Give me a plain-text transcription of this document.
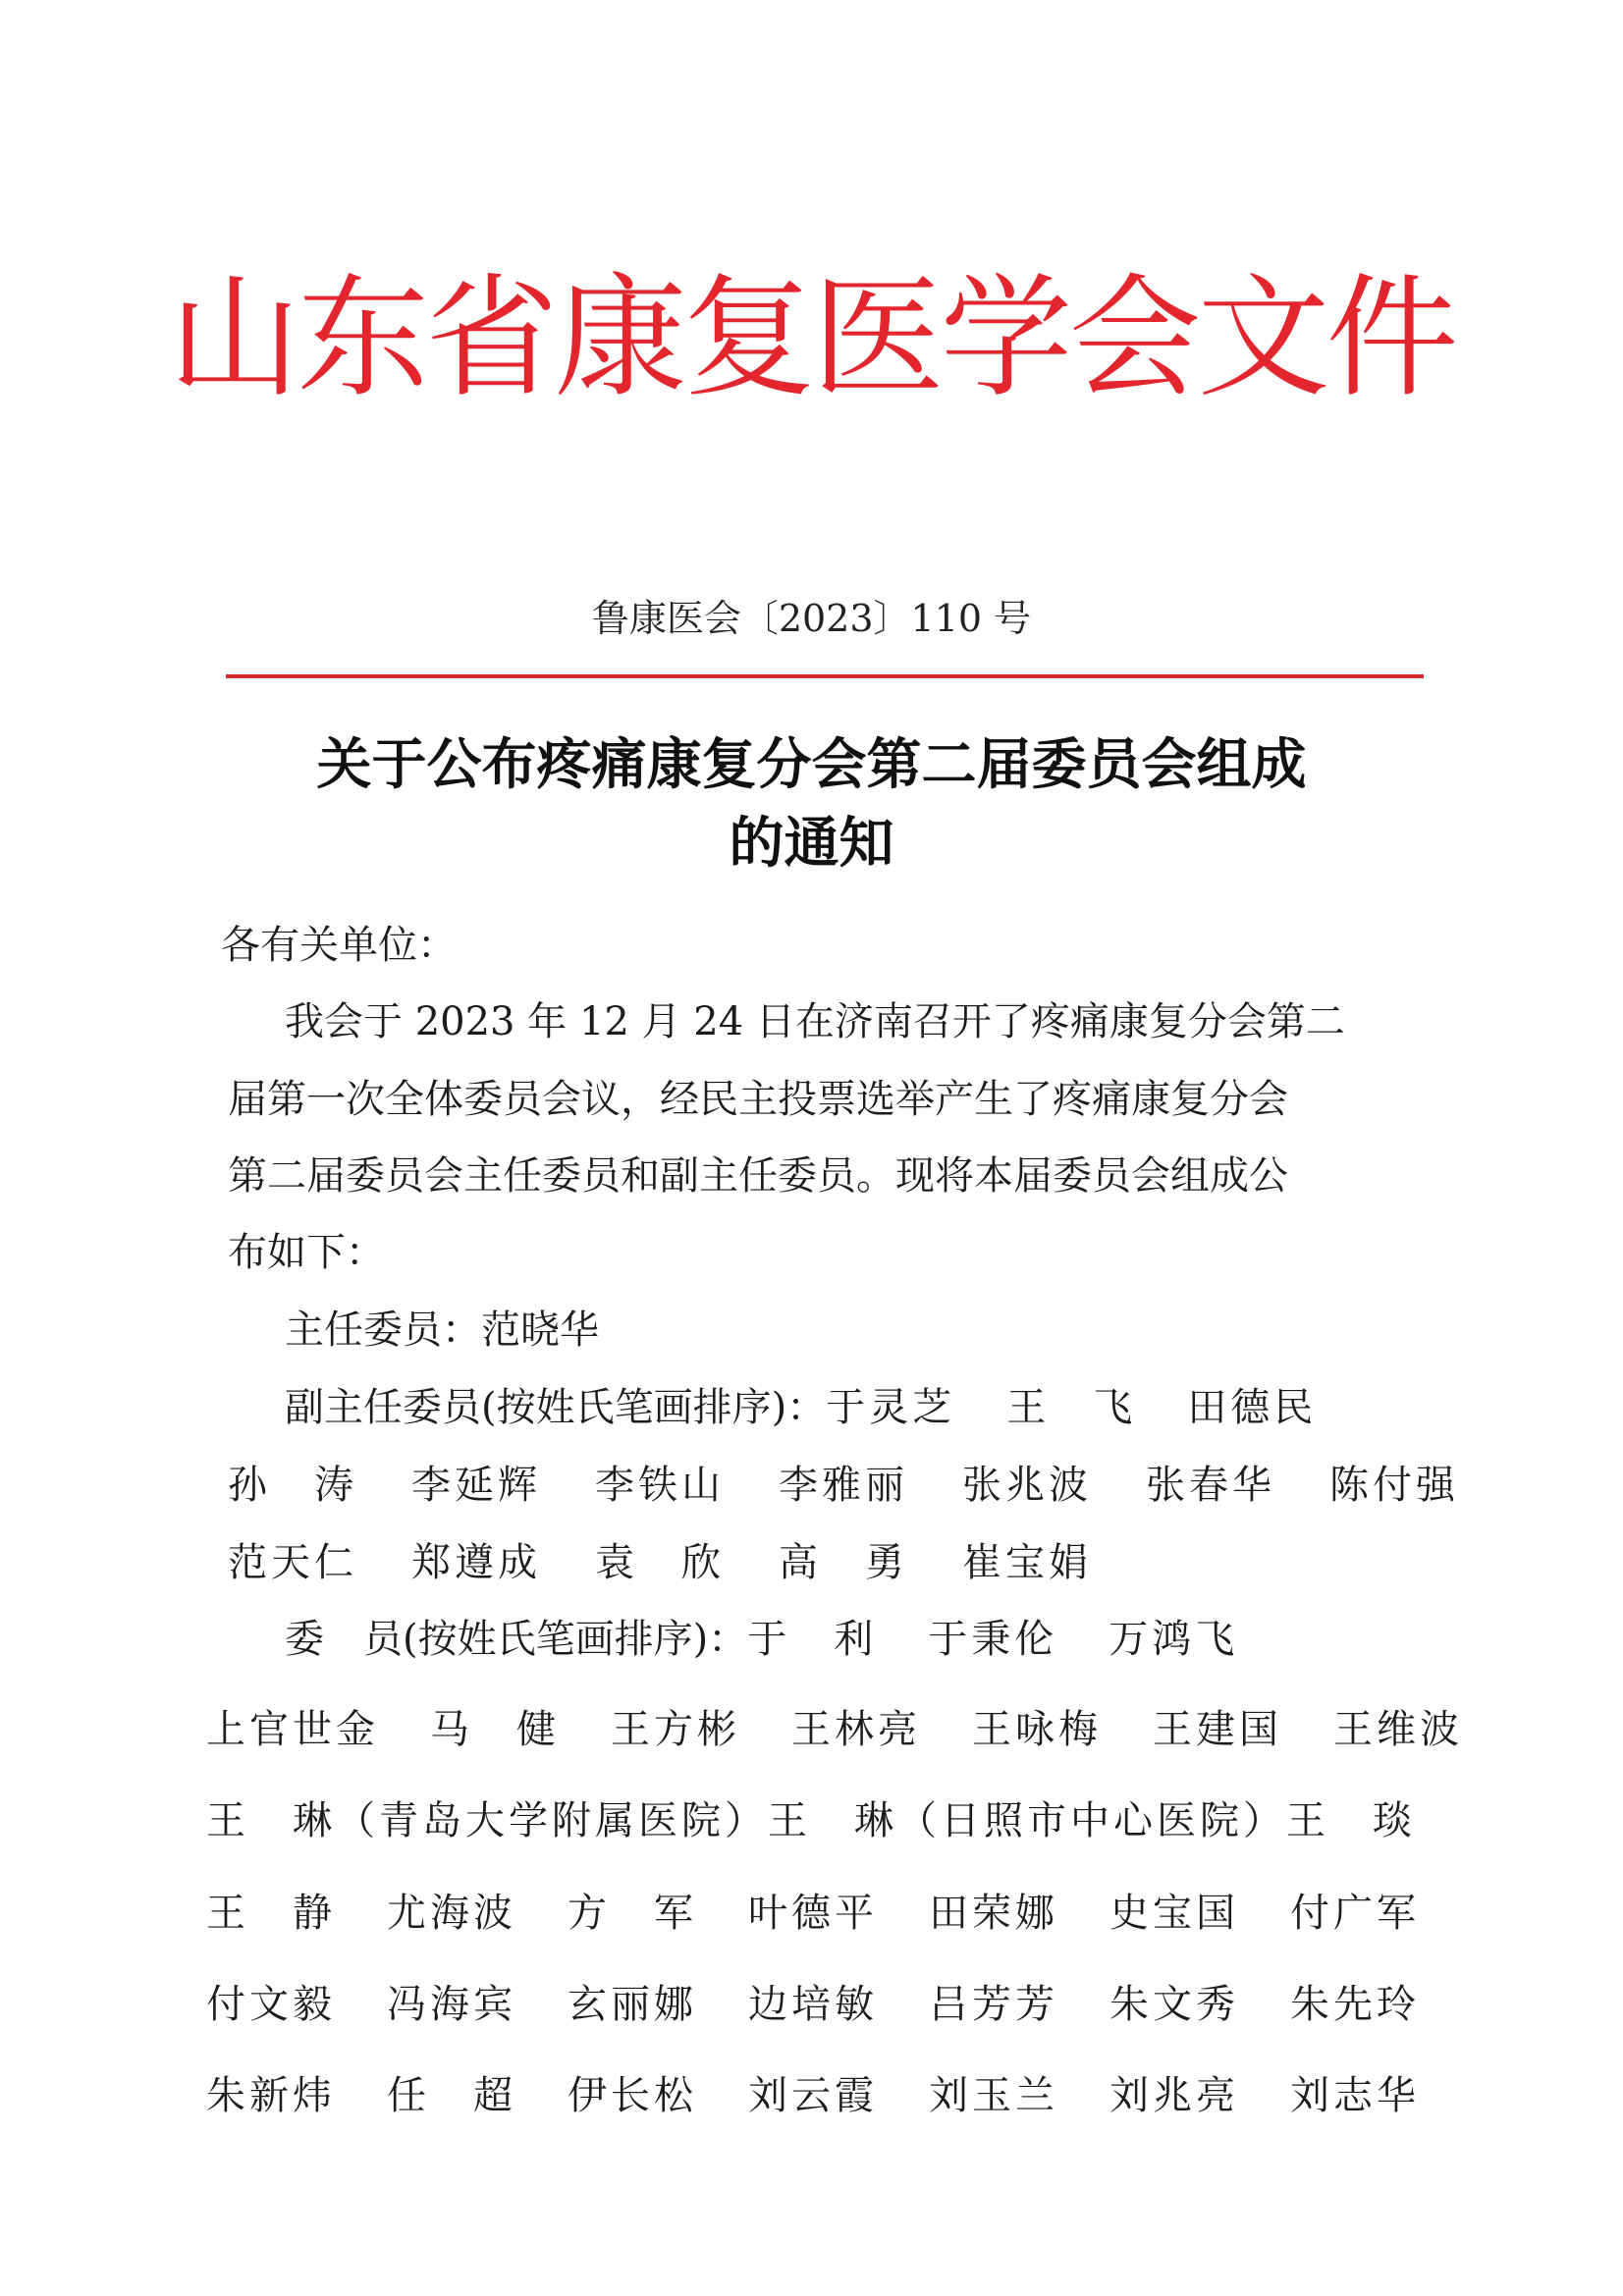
山东省康复医学会文件
鲁康医会〔2023〕110 号
关于公布疼痛康复分会第二届委员会组成
的通知
各有关单位：
我会于 2023 年 12 月 24 日在济南召开了疼痛康复分会第二
届第一次全体委员会议，经民主投票选举产生了疼痛康复分会
第二届委员会主任委员和副主任委员。现将本届委员会组成公
布如下：
主任委员：范晓华
副主任委员(按姓氏笔画排序)： 于灵芝 王　飞 田德民
孙　涛 李延辉 李铁山 李雅丽 张兆波 张春华 陈付强
范天仁 郑遵成 袁　欣 高　勇 崔宝娟
委　员(按姓氏笔画排序)： 于　利 于秉伦 万鸿飞
上官世金 马　健 王方彬 王林亮 王咏梅 王建国 王维波
王　琳（青岛大学附属医院） 王　琳（日照市中心医院） 王　琰
王　静 尤海波 方　军 叶德平 田荣娜 史宝国 付广军
付文毅 冯海宾 玄丽娜 边培敏 吕芳芳 朱文秀 朱先玲
朱新炜 任　超 伊长松 刘云霞 刘玉兰 刘兆亮 刘志华
